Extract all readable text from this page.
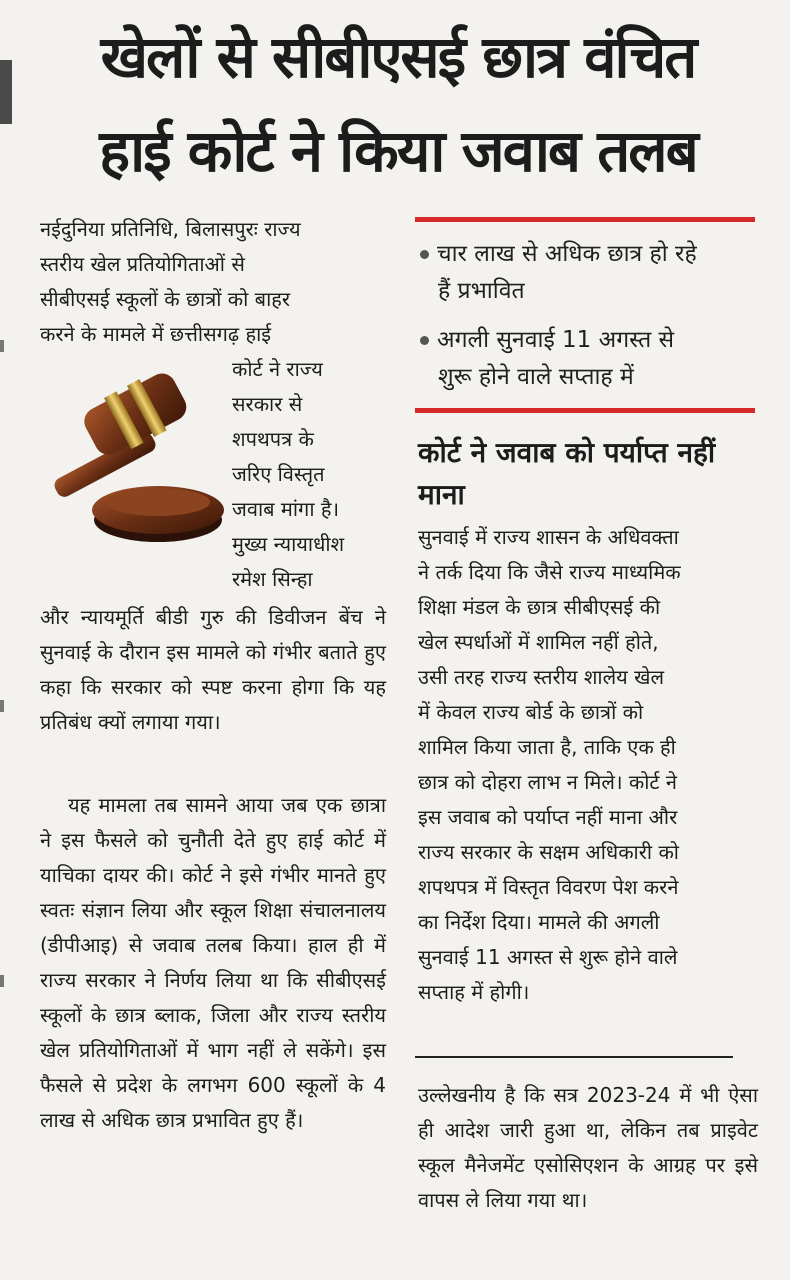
खेलों से सीबीएसई छात्र वंचित
हाई कोर्ट ने किया जवाब तलब
नईदुनिया प्रतिनिधि, बिलासपुरः राज्य
स्तरीय खेल प्रतियोगिताओं से
सीबीएसई स्कूलों के छात्रों को बाहर
करने के मामले में छत्तीसगढ़ हाई
कोर्ट ने राज्य
सरकार से
शपथपत्र के
जरिए विस्तृत
जवाब मांगा है।
मुख्य न्यायाधीश
रमेश सिन्हा

और न्यायमूर्ति बीडी गुरु की डिवीजन बेंच ने सुनवाई के दौरान इस मामले को गंभीर बताते हुए कहा कि सरकार को स्पष्ट करना होगा कि यह प्रतिबंध क्यों लगाया गया।

यह मामला तब सामने आया जब एक छात्रा ने इस फैसले को चुनौती देते हुए हाई कोर्ट में याचिका दायर की। कोर्ट ने इसे गंभीर मानते हुए स्वतः संज्ञान लिया और स्कूल शिक्षा संचालनालय (डीपीआइ) से जवाब तलब किया। हाल ही में राज्य सरकार ने निर्णय लिया था कि सीबीएसई स्कूलों के छात्र ब्लाक, जिला और राज्य स्तरीय खेल प्रतियोगिताओं में भाग नहीं ले सकेंगे। इस फैसले से प्रदेश के लगभग 600 स्कूलों के 4 लाख से अधिक छात्र प्रभावित हुए हैं।

चार लाख से अधिक छात्र हो रहे
हैं प्रभावित
अगली सुनवाई 11 अगस्त से
शुरू होने वाले सप्ताह में
कोर्ट ने जवाब को पर्याप्त नहीं माना
सुनवाई में राज्य शासन के अधिवक्ता
ने तर्क दिया कि जैसे राज्य माध्यमिक
शिक्षा मंडल के छात्र सीबीएसई की
खेल स्पर्धाओं में शामिल नहीं होते,
उसी तरह राज्य स्तरीय शालेय खेल
में केवल राज्य बोर्ड के छात्रों को
शामिल किया जाता है, ताकि एक ही
छात्र को दोहरा लाभ न मिले। कोर्ट ने
इस जवाब को पर्याप्त नहीं माना और
राज्य सरकार के सक्षम अधिकारी को
शपथपत्र में विस्तृत विवरण पेश करने
का निर्देश दिया। मामले की अगली
सुनवाई 11 अगस्त से शुरू होने वाले
सप्ताह में होगी।

उल्लेखनीय है कि सत्र 2023-24 में भी ऐसा ही आदेश जारी हुआ था, लेकिन तब प्राइवेट स्कूल मैनेजमेंट एसोसिएशन के आग्रह पर इसे वापस ले लिया गया था।
